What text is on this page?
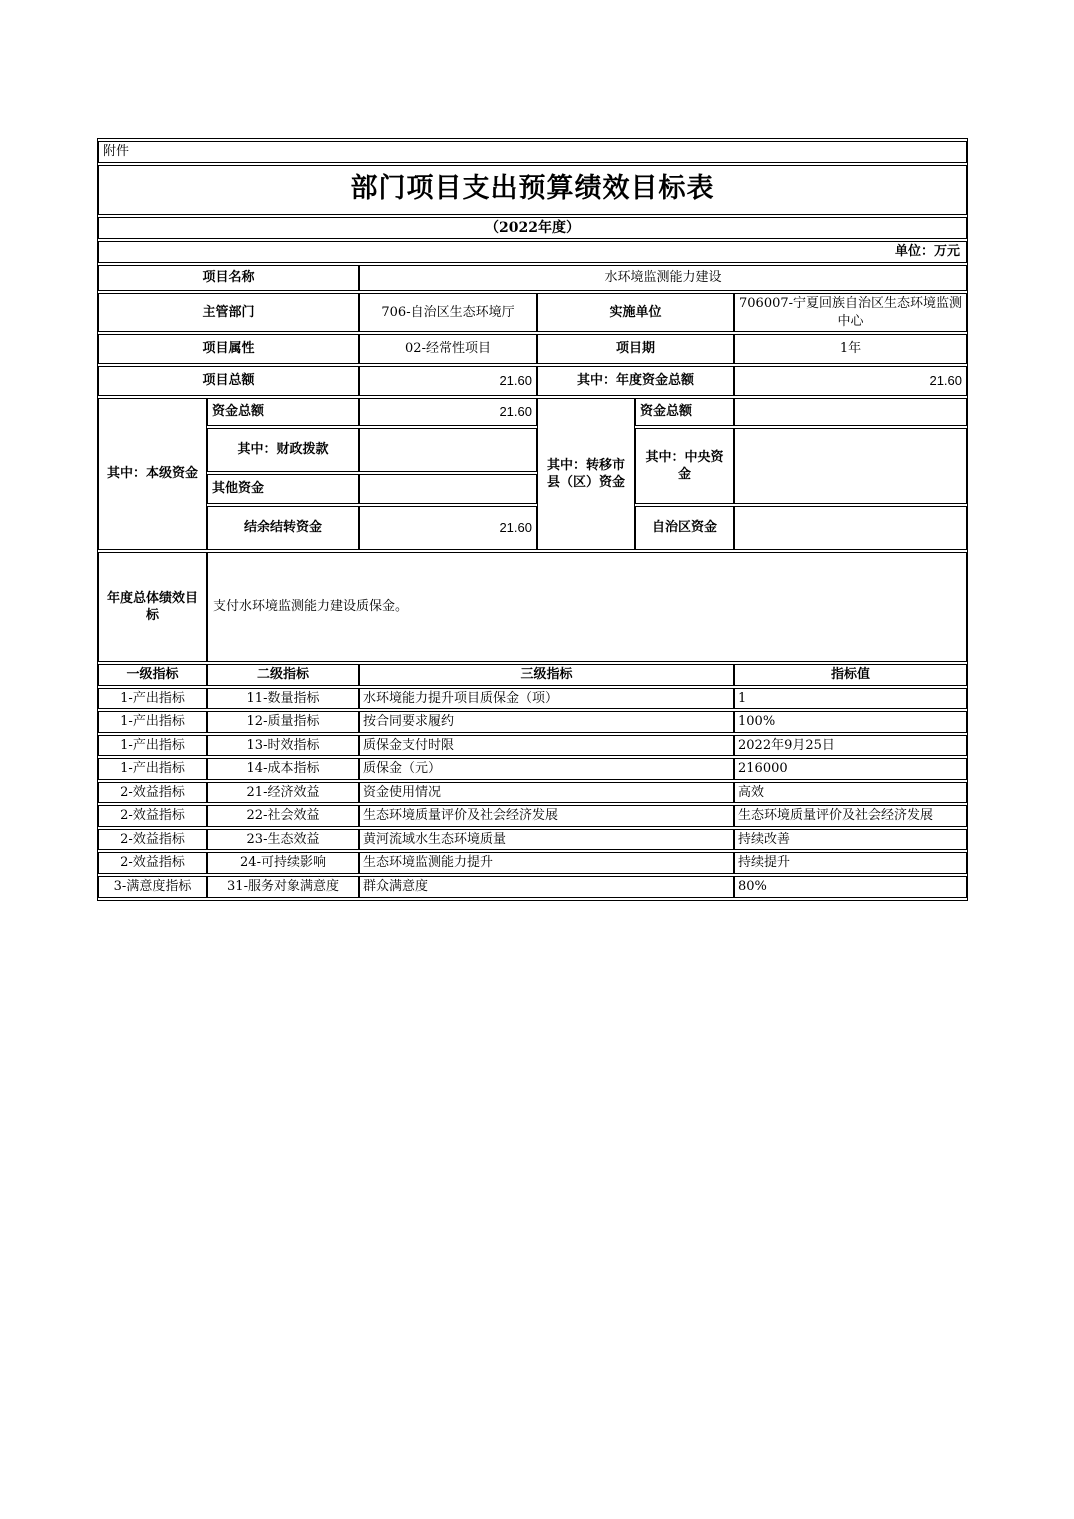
附件					
部门项目支出预算绩效目标表					
（2022年度）					
单位：万元					
项目名称		水环境监测能力建设			
主管部门		706-自治区生态环境厅	实施单位		706007-宁夏回族自治区生态环境监测中心
项目属性		02-经常性项目	项目期		1年
项目总额		21.60	其中：年度资金总额		21.60
其中：本级资金	资金总额	21.60	其中：转移市县（区）资金	资金总额	
	其中：财政拨款			其中：中央资金	
	其他资金				
	结余结转资金	21.60		自治区资金	
年度总体绩效目标	支付水环境监测能力建设质保金。				
一级指标	二级指标	三级指标			指标值
1-产出指标	11-数量指标	水环境能力提升项目质保金（项）			1
1-产出指标	12-质量指标	按合同要求履约			100%
1-产出指标	13-时效指标	质保金支付时限			2022年9月25日
1-产出指标	14-成本指标	质保金（元）			216000
2-效益指标	21-经济效益	资金使用情况			高效
2-效益指标	22-社会效益	生态环境质量评价及社会经济发展			生态环境质量评价及社会经济发展
2-效益指标	23-生态效益	黄河流域水生态环境质量			持续改善
2-效益指标	24-可持续影响	生态环境监测能力提升			持续提升
3-满意度指标	31-服务对象满意度	群众满意度			80%
